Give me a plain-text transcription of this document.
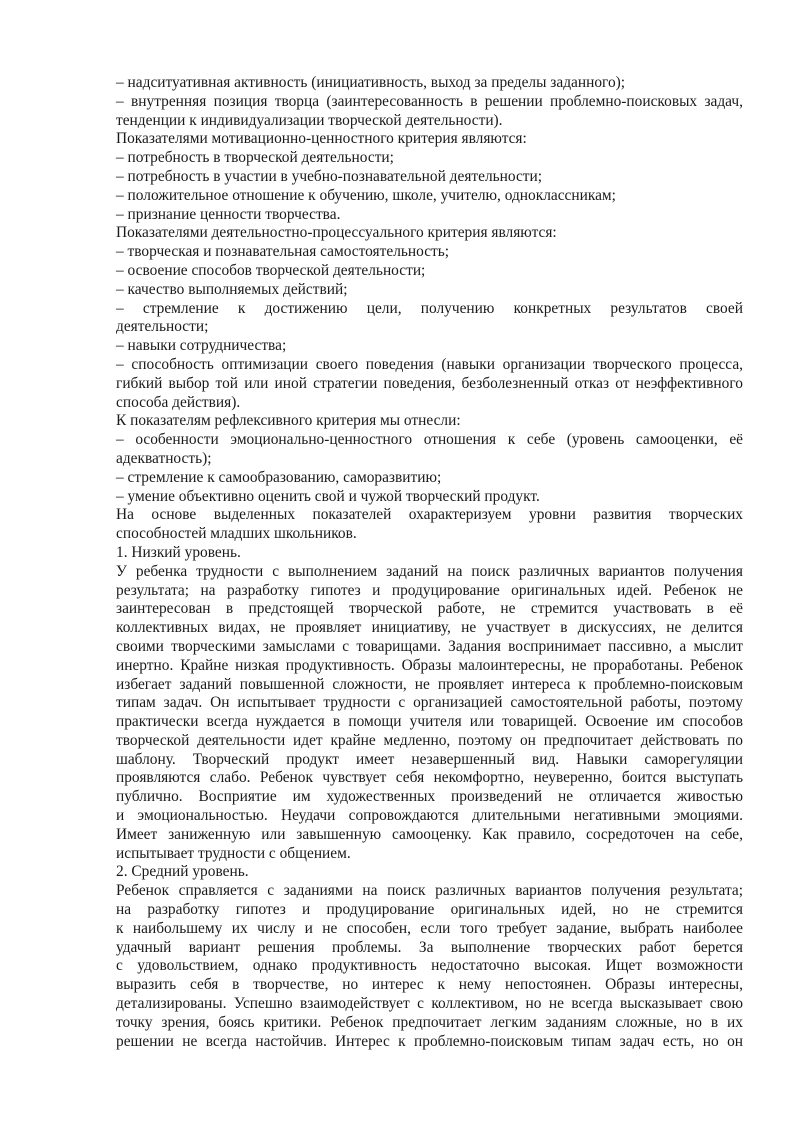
– надситуативная активность (инициативность, выход за пределы заданного);
– внутренняя позиция творца (заинтересованность в решении проблемно-поисковых задач,
тенденции к индивидуализации творческой деятельности).
Показателями мотивационно-ценностного критерия являются:
– потребность в творческой деятельности;
– потребность в участии в учебно-познавательной деятельности;
– положительное отношение к обучению, школе, учителю, одноклассникам;
– признание ценности творчества.
Показателями деятельностно-процессуального критерия являются:
– творческая и познавательная самостоятельность;
– освоение способов творческой деятельности;
– качество выполняемых действий;
– стремление к достижению цели, получению конкретных результатов своей
деятельности;
– навыки сотрудничества;
– способность оптимизации своего поведения (навыки организации творческого процесса,
гибкий выбор той или иной стратегии поведения, безболезненный отказ от неэффективного
способа действия).
К показателям рефлексивного критерия мы отнесли:
– особенности эмоционально-ценностного отношения к себе (уровень самооценки, её
адекватность);
– стремление к самообразованию, саморазвитию;
– умение объективно оценить свой и чужой творческий продукт.
На основе выделенных показателей охарактеризуем уровни развития творческих
способностей младших школьников.
1. Низкий уровень.
У ребенка трудности с выполнением заданий на поиск различных вариантов получения
результата; на разработку гипотез и продуцирование оригинальных идей. Ребенок не
заинтересован в предстоящей творческой работе, не стремится участвовать в её
коллективных видах, не проявляет инициативу, не участвует в дискуссиях, не делится
своими творческими замыслами с товарищами. Задания воспринимает пассивно, а мыслит
инертно. Крайне низкая продуктивность. Образы малоинтересны, не проработаны. Ребенок
избегает заданий повышенной сложности, не проявляет интереса к проблемно-поисковым
типам задач. Он испытывает трудности с организацией самостоятельной работы, поэтому
практически всегда нуждается в помощи учителя или товарищей. Освоение им способов
творческой деятельности идет крайне медленно, поэтому он предпочитает действовать по
шаблону. Творческий продукт имеет незавершенный вид. Навыки саморегуляции
проявляются слабо. Ребенок чувствует себя некомфортно, неуверенно, боится выступать
публично. Восприятие им художественных произведений не отличается живостью
и эмоциональностью. Неудачи сопровождаются длительными негативными эмоциями.
Имеет заниженную или завышенную самооценку. Как правило, сосредоточен на себе,
испытывает трудности с общением.
2. Средний уровень.
Ребенок справляется с заданиями на поиск различных вариантов получения результата;
на разработку гипотез и продуцирование оригинальных идей, но не стремится
к наибольшему их числу и не способен, если того требует задание, выбрать наиболее
удачный вариант решения проблемы. За выполнение творческих работ берется
с удовольствием, однако продуктивность недостаточно высокая. Ищет возможности
выразить себя в творчестве, но интерес к нему непостоянен. Образы интересны,
детализированы. Успешно взаимодействует с коллективом, но не всегда высказывает свою
точку зрения, боясь критики. Ребенок предпочитает легким заданиям сложные, но в их
решении не всегда настойчив. Интерес к проблемно-поисковым типам задач есть, но он
